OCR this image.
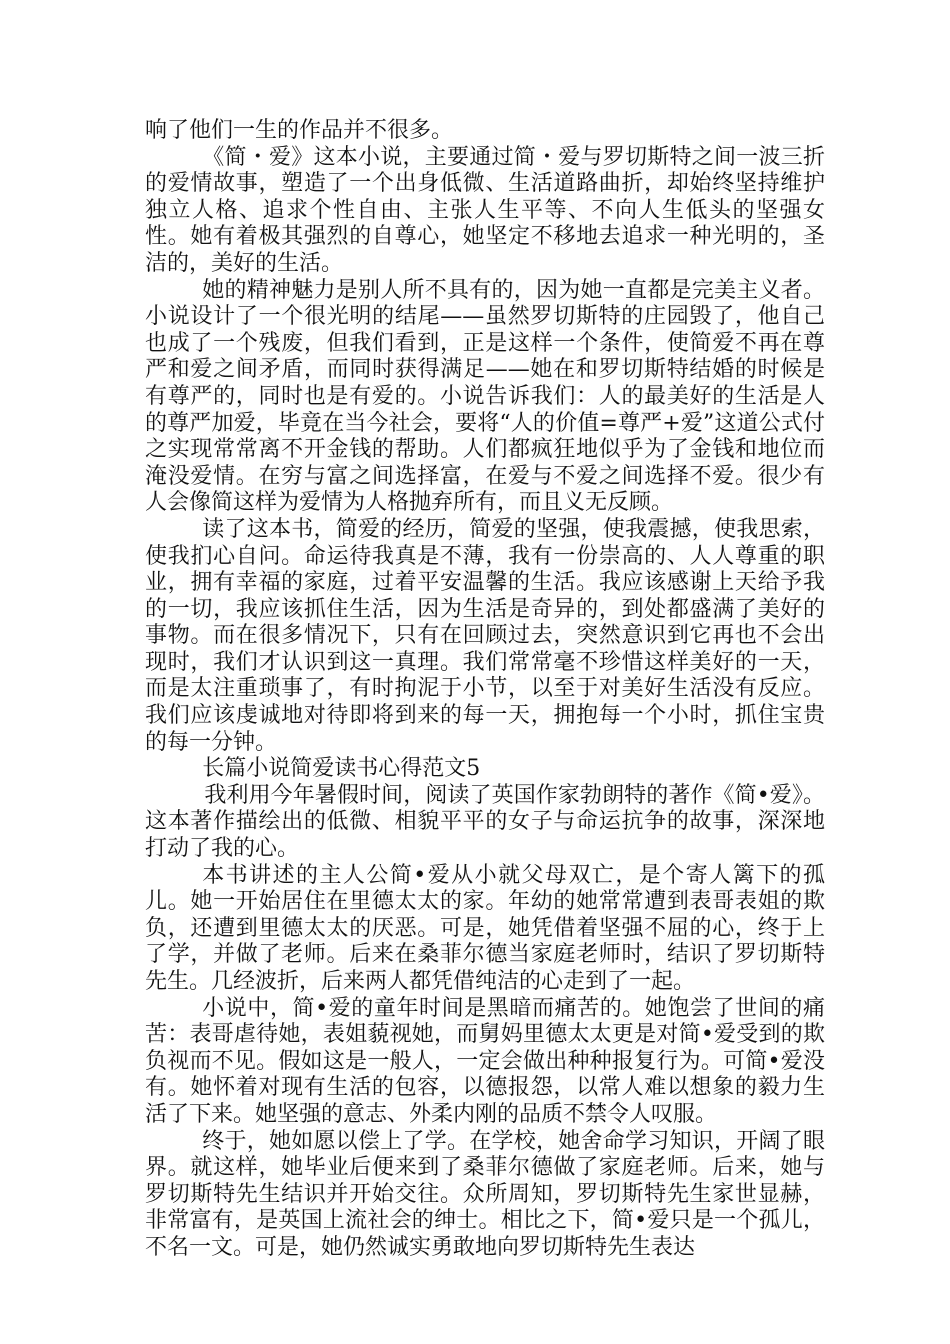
响了他们一生的作品并不很多。

《简・爱》这本小说，主要通过简・爱与罗切斯特之间一波三折的爱情故事，塑造了一个出身低微、生活道路曲折，却始终坚持维护独立人格、追求个性自由、主张人生平等、不向人生低头的坚强女性。她有着极其强烈的自尊心，她坚定不移地去追求一种光明的，圣洁的，美好的生活。

她的精神魅力是别人所不具有的，因为她一直都是完美主义者。小说设计了一个很光明的结尾——虽然罗切斯特的庄园毁了，他自己也成了一个残废，但我们看到，正是这样一个条件，使简爱不再在尊严和爱之间矛盾，而同时获得满足——她在和罗切斯特结婚的时候是有尊严的，同时也是有爱的。小说告诉我们：人的最美好的生活是人的尊严加爱，毕竟在当今社会，要将“人的价值=尊严+爱”这道公式付之实现常常离不开金钱的帮助。人们都疯狂地似乎为了金钱和地位而淹没爱情。在穷与富之间选择富，在爱与不爱之间选择不爱。很少有人会像简这样为爱情为人格抛弃所有，而且义无反顾。

读了这本书，简爱的经历，简爱的坚强，使我震撼，使我思索，使我扪心自问。命运待我真是不薄，我有一份崇高的、人人尊重的职业，拥有幸福的家庭，过着平安温馨的生活。我应该感谢上天给予我的一切，我应该抓住生活，因为生活是奇异的，到处都盛满了美好的事物。而在很多情况下，只有在回顾过去，突然意识到它再也不会出现时，我们才认识到这一真理。我们常常毫不珍惜这样美好的一天，而是太注重琐事了，有时拘泥于小节，以至于对美好生活没有反应。我们应该虔诚地对待即将到来的每一天，拥抱每一个小时，抓住宝贵的每一分钟。

长篇小说简爱读书心得范文5

我利用今年暑假时间，阅读了英国作家勃朗特的著作《简•爱》。这本著作描绘出的低微、相貌平平的女子与命运抗争的故事，深深地打动了我的心。

本书讲述的主人公简•爱从小就父母双亡，是个寄人篱下的孤儿。她一开始居住在里德太太的家。年幼的她常常遭到表哥表姐的欺负，还遭到里德太太的厌恶。可是，她凭借着坚强不屈的心，终于上了学，并做了老师。后来在桑菲尔德当家庭老师时，结识了罗切斯特先生。几经波折，后来两人都凭借纯洁的心走到了一起。

小说中，简•爱的童年时间是黑暗而痛苦的。她饱尝了世间的痛苦：表哥虐待她，表姐藐视她，而舅妈里德太太更是对简•爱受到的欺负视而不见。假如这是一般人，一定会做出种种报复行为。可简•爱没有。她怀着对现有生活的包容，以德报怨，以常人难以想象的毅力生活了下来。她坚强的意志、外柔内刚的品质不禁令人叹服。

终于，她如愿以偿上了学。在学校，她舍命学习知识，开阔了眼界。就这样，她毕业后便来到了桑菲尔德做了家庭老师。后来，她与罗切斯特先生结识并开始交往。众所周知，罗切斯特先生家世显赫，非常富有，是英国上流社会的绅士。相比之下，简•爱只是一个孤儿，不名一文。可是，她仍然诚实勇敢地向罗切斯特先生表达
